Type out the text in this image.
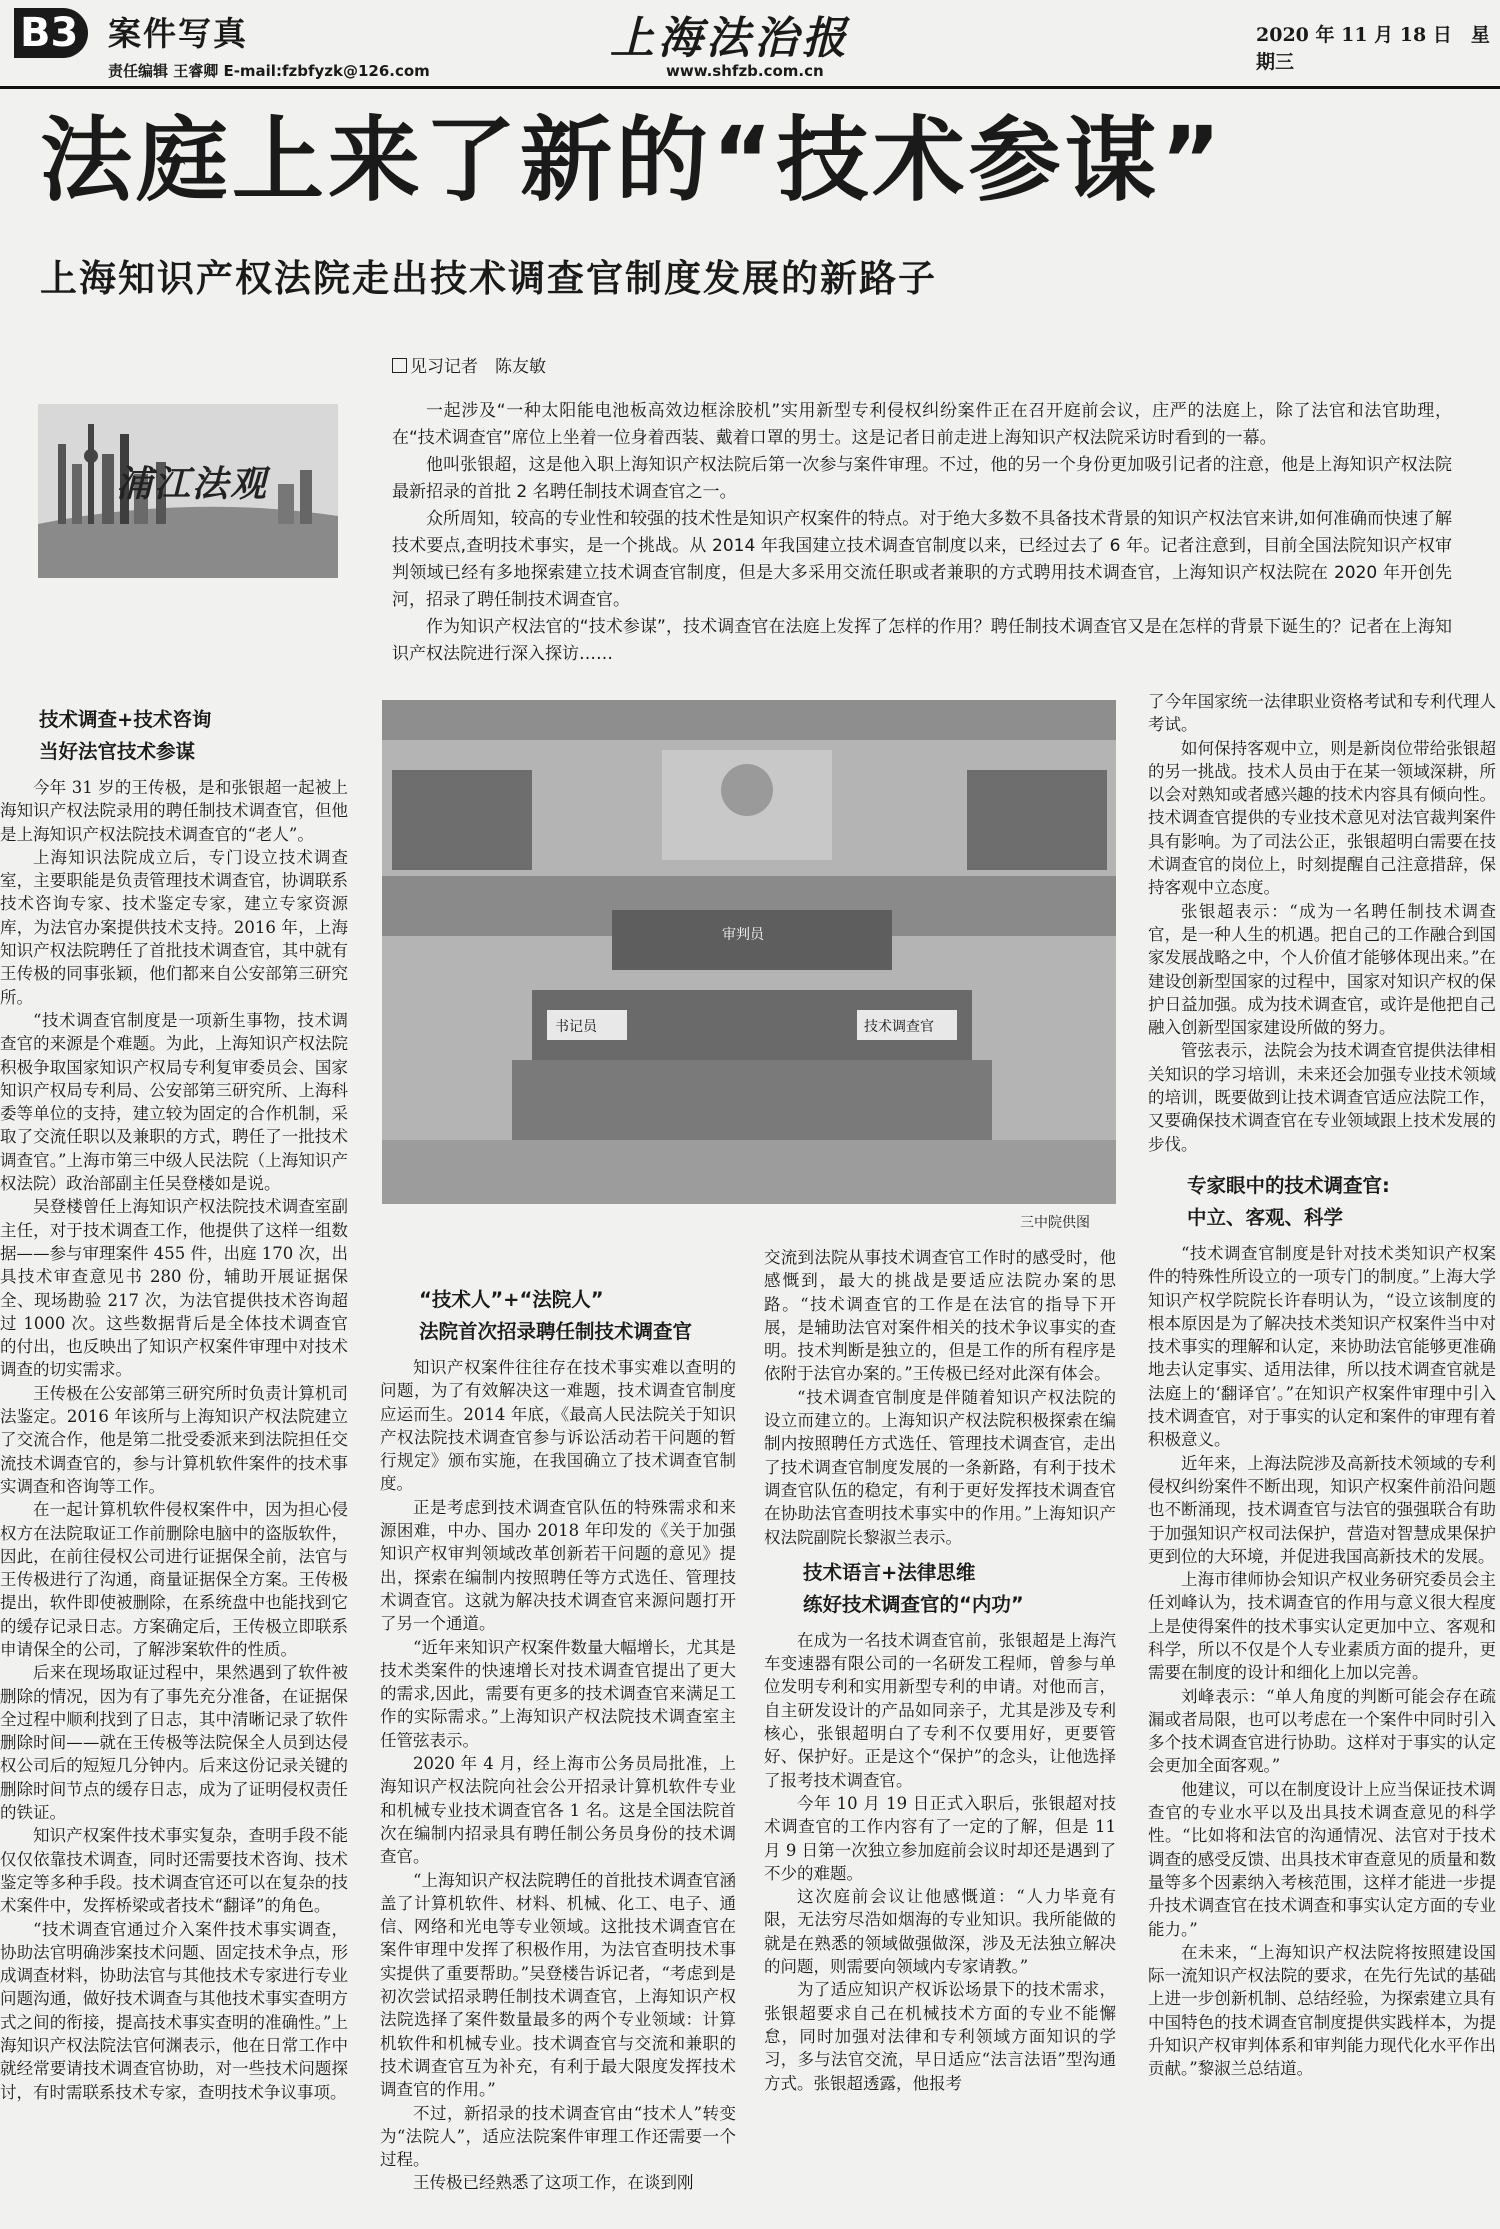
B3 案件写真
责任编辑 王睿卿 E-mail:fzbfyzk@126.com
上海法治报
www.shfzb.com.cn
2020 年 11 月 18 日　星期三
法庭上来了新的“技术参谋”
上海知识产权法院走出技术调查官制度发展的新路子
浦江法观
见习记者　陈友敏

一起涉及“一种太阳能电池板高效边框涂胶机”实用新型专利侵权纠纷案件正在召开庭前会议，庄严的法庭上，除了法官和法官助理，在“技术调查官”席位上坐着一位身着西装、戴着口罩的男士。这是记者日前走进上海知识产权法院采访时看到的一幕。

他叫张银超，这是他入职上海知识产权法院后第一次参与案件审理。不过，他的另一个身份更加吸引记者的注意，他是上海知识产权法院最新招录的首批 2 名聘任制技术调查官之一。

众所周知，较高的专业性和较强的技术性是知识产权案件的特点。对于绝大多数不具备技术背景的知识产权法官来讲,如何准确而快速了解技术要点,查明技术事实，是一个挑战。从 2014 年我国建立技术调查官制度以来，已经过去了 6 年。记者注意到，目前全国法院知识产权审判领域已经有多地探索建立技术调查官制度，但是大多采用交流任职或者兼职的方式聘用技术调查官，上海知识产权法院在 2020 年开创先河，招录了聘任制技术调查官。

作为知识产权法官的“技术参谋”，技术调查官在法庭上发挥了怎样的作用？聘任制技术调查官又是在怎样的背景下诞生的？记者在上海知识产权法院进行深入探访……

技术调查+技术咨询

当好法官技术参谋

今年 31 岁的王传极，是和张银超一起被上海知识产权法院录用的聘任制技术调查官，但他是上海知识产权法院技术调查官的“老人”。

上海知识法院成立后，专门设立技术调查室，主要职能是负责管理技术调查官，协调联系技术咨询专家、技术鉴定专家，建立专家资源库，为法官办案提供技术支持。2016 年，上海知识产权法院聘任了首批技术调查官，其中就有王传极的同事张颖，他们都来自公安部第三研究所。

“技术调查官制度是一项新生事物，技术调查官的来源是个难题。为此，上海知识产权法院积极争取国家知识产权局专利复审委员会、国家知识产权局专利局、公安部第三研究所、上海科委等单位的支持，建立较为固定的合作机制，采取了交流任职以及兼职的方式，聘任了一批技术调查官。”上海市第三中级人民法院（上海知识产权法院）政治部副主任吴登楼如是说。

吴登楼曾任上海知识产权法院技术调查室副主任，对于技术调查工作，他提供了这样一组数据——参与审理案件 455 件，出庭 170 次，出具技术审查意见书 280 份，辅助开展证据保全、现场勘验 217 次，为法官提供技术咨询超过 1000 次。这些数据背后是全体技术调查官的付出，也反映出了知识产权案件审理中对技术调查的切实需求。

王传极在公安部第三研究所时负责计算机司法鉴定。2016 年该所与上海知识产权法院建立了交流合作，他是第二批受委派来到法院担任交流技术调查官的，参与计算机软件案件的技术事实调查和咨询等工作。

在一起计算机软件侵权案件中，因为担心侵权方在法院取证工作前删除电脑中的盗版软件，因此，在前往侵权公司进行证据保全前，法官与王传极进行了沟通，商量证据保全方案。王传极提出，软件即使被删除，在系统盘中也能找到它的缓存记录日志。方案确定后，王传极立即联系申请保全的公司，了解涉案软件的性质。

后来在现场取证过程中，果然遇到了软件被删除的情况，因为有了事先充分准备，在证据保全过程中顺利找到了日志，其中清晰记录了软件删除时间——就在王传极等法院保全人员到达侵权公司后的短短几分钟内。后来这份记录关键的删除时间节点的缓存日志，成为了证明侵权责任的铁证。

知识产权案件技术事实复杂，查明手段不能仅仅依靠技术调查，同时还需要技术咨询、技术鉴定等多种手段。技术调查官还可以在复杂的技术案件中，发挥桥梁或者技术“翻译”的角色。

“技术调查官通过介入案件技术事实调查，协助法官明确涉案技术问题、固定技术争点，形成调查材料，协助法官与其他技术专家进行专业问题沟通，做好技术调查与其他技术事实查明方式之间的衔接，提高技术事实查明的准确性。”上海知识产权法院法官何渊表示，他在日常工作中就经常要请技术调查官协助，对一些技术问题探讨，有时需联系技术专家，查明技术争议事项。

审判员
书记员	技术调查官
三中院供图

“技术人”+“法院人”

法院首次招录聘任制技术调查官

知识产权案件往往存在技术事实难以查明的问题，为了有效解决这一难题，技术调查官制度应运而生。2014 年底，《最高人民法院关于知识产权法院技术调查官参与诉讼活动若干问题的暂行规定》颁布实施，在我国确立了技术调查官制度。

正是考虑到技术调查官队伍的特殊需求和来源困难，中办、国办 2018 年印发的《关于加强知识产权审判领域改革创新若干问题的意见》提出，探索在编制内按照聘任等方式选任、管理技术调查官。这就为解决技术调查官来源问题打开了另一个通道。

“近年来知识产权案件数量大幅增长，尤其是技术类案件的快速增长对技术调查官提出了更大的需求,因此，需要有更多的技术调查官来满足工作的实际需求。”上海知识产权法院技术调查室主任管弦表示。

2020 年 4 月，经上海市公务员局批准，上海知识产权法院向社会公开招录计算机软件专业和机械专业技术调查官各 1 名。这是全国法院首次在编制内招录具有聘任制公务员身份的技术调查官。

“上海知识产权法院聘任的首批技术调查官涵盖了计算机软件、材料、机械、化工、电子、通信、网络和光电等专业领域。这批技术调查官在案件审理中发挥了积极作用，为法官查明技术事实提供了重要帮助。”吴登楼告诉记者，“考虑到是初次尝试招录聘任制技术调查官，上海知识产权法院选择了案件数量最多的两个专业领域：计算机软件和机械专业。技术调查官与交流和兼职的技术调查官互为补充，有利于最大限度发挥技术调查官的作用。”

不过，新招录的技术调查官由“技术人”转变为“法院人”，适应法院案件审理工作还需要一个过程。

王传极已经熟悉了这项工作，在谈到刚

交流到法院从事技术调查官工作时的感受时，他感慨到，最大的挑战是要适应法院办案的思路。“技术调查官的工作是在法官的指导下开展，是辅助法官对案件相关的技术争议事实的查明。技术判断是独立的，但是工作的所有程序是依附于法官办案的。”王传极已经对此深有体会。

“技术调查官制度是伴随着知识产权法院的设立而建立的。上海知识产权法院积极探索在编制内按照聘任方式选任、管理技术调查官，走出了技术调查官制度发展的一条新路，有利于技术调查官队伍的稳定，有利于更好发挥技术调查官在协助法官查明技术事实中的作用。”上海知识产权法院副院长黎淑兰表示。

技术语言+法律思维

练好技术调查官的“内功”

在成为一名技术调查官前，张银超是上海汽车变速器有限公司的一名研发工程师，曾参与单位发明专利和实用新型专利的申请。对他而言，自主研发设计的产品如同亲子，尤其是涉及专利核心，张银超明白了专利不仅要用好，更要管好、保护好。正是这个“保护”的念头，让他选择了报考技术调查官。

今年 10 月 19 日正式入职后，张银超对技术调查官的工作内容有了一定的了解，但是 11 月 9 日第一次独立参加庭前会议时却还是遇到了不少的难题。

这次庭前会议让他感慨道：“人力毕竟有限，无法穷尽浩如烟海的专业知识。我所能做的就是在熟悉的领域做强做深，涉及无法独立解决的问题，则需要向领域内专家请教。”

为了适应知识产权诉讼场景下的技术需求，张银超要求自己在机械技术方面的专业不能懈怠，同时加强对法律和专利领域方面知识的学习，多与法官交流，早日适应“法言法语”型沟通方式。张银超透露，他报考

了今年国家统一法律职业资格考试和专利代理人考试。

如何保持客观中立，则是新岗位带给张银超的另一挑战。技术人员由于在某一领域深耕，所以会对熟知或者感兴趣的技术内容具有倾向性。技术调查官提供的专业技术意见对法官裁判案件具有影响。为了司法公正，张银超明白需要在技术调查官的岗位上，时刻提醒自己注意措辞，保持客观中立态度。

张银超表示：“成为一名聘任制技术调查官，是一种人生的机遇。把自己的工作融合到国家发展战略之中，个人价值才能够体现出来。”在建设创新型国家的过程中，国家对知识产权的保护日益加强。成为技术调查官，或许是他把自己融入创新型国家建设所做的努力。

管弦表示，法院会为技术调查官提供法律相关知识的学习培训，未来还会加强专业技术领域的培训，既要做到让技术调查官适应法院工作，又要确保技术调查官在专业领域跟上技术发展的步伐。

专家眼中的技术调查官:

中立、客观、科学

“技术调查官制度是针对技术类知识产权案件的特殊性所设立的一项专门的制度。”上海大学知识产权学院院长许春明认为，“设立该制度的根本原因是为了解决技术类知识产权案件当中对技术事实的理解和认定，来协助法官能够更准确地去认定事实、适用法律，所以技术调查官就是法庭上的‘翻译官’。”在知识产权案件审理中引入技术调查官，对于事实的认定和案件的审理有着积极意义。

近年来，上海法院涉及高新技术领域的专利侵权纠纷案件不断出现，知识产权案件前沿问题也不断涌现，技术调查官与法官的强强联合有助于加强知识产权司法保护，营造对智慧成果保护更到位的大环境，并促进我国高新技术的发展。

上海市律师协会知识产权业务研究委员会主任刘峰认为，技术调查官的作用与意义很大程度上是使得案件的技术事实认定更加中立、客观和科学，所以不仅是个人专业素质方面的提升，更需要在制度的设计和细化上加以完善。

刘峰表示：“单人角度的判断可能会存在疏漏或者局限，也可以考虑在一个案件中同时引入多个技术调查官进行协助。这样对于事实的认定会更加全面客观。”

他建议，可以在制度设计上应当保证技术调查官的专业水平以及出具技术调查意见的科学性。“比如将和法官的沟通情况、法官对于技术调查的感受反馈、出具技术审查意见的质量和数量等多个因素纳入考核范围，这样才能进一步提升技术调查官在技术调查和事实认定方面的专业能力。”

在未来，“上海知识产权法院将按照建设国际一流知识产权法院的要求，在先行先试的基础上进一步创新机制、总结经验，为探索建立具有中国特色的技术调查官制度提供实践样本，为提升知识产权审判体系和审判能力现代化水平作出贡献。”黎淑兰总结道。
